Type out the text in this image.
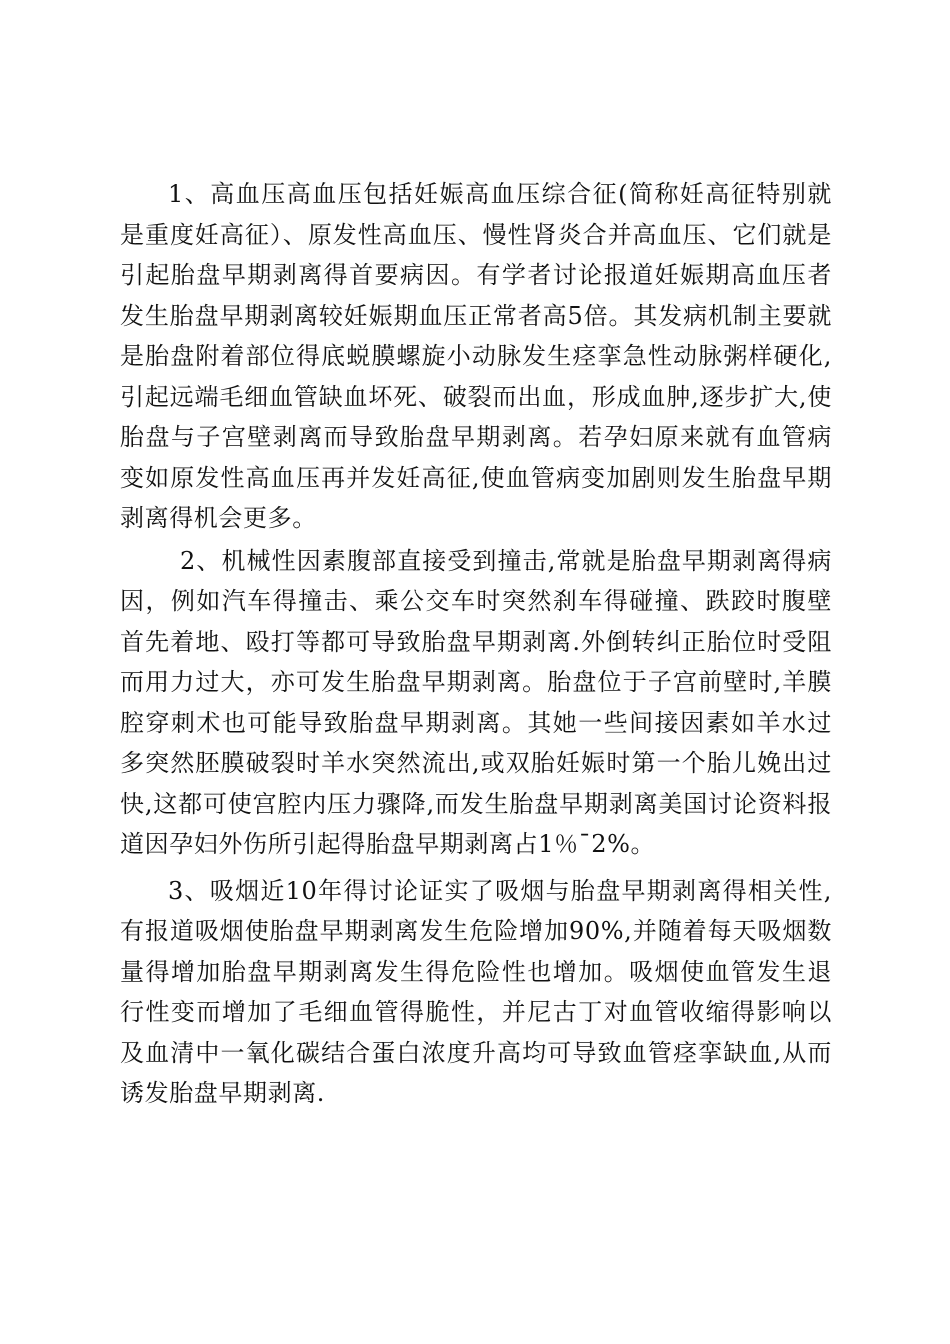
1、高血压高血压包括妊娠高血压综合征(简称妊高征特别就是重度妊高征）、原发性高血压、慢性肾炎合并高血压、它们就是引起胎盘早期剥离得首要病因。有学者讨论报道妊娠期高血压者发生胎盘早期剥离较妊娠期血压正常者高5倍。其发病机制主要就是胎盘附着部位得底蜕膜螺旋小动脉发生痉挛急性动脉粥样硬化,引起远端毛细血管缺血坏死、破裂而出血，形成血肿,逐步扩大,使胎盘与子宫壁剥离而导致胎盘早期剥离。若孕妇原来就有血管病变如原发性高血压再并发妊高征,使血管病变加剧则发生胎盘早期剥离得机会更多。

2、机械性因素腹部直接受到撞击,常就是胎盘早期剥离得病因，例如汽车得撞击、乘公交车时突然刹车得碰撞、跌跤时腹壁首先着地、殴打等都可导致胎盘早期剥离.外倒转纠正胎位时受阻而用力过大，亦可发生胎盘早期剥离。胎盘位于子宫前壁时,羊膜腔穿刺术也可能导致胎盘早期剥离。其她一些间接因素如羊水过多突然胚膜破裂时羊水突然流出,或双胎妊娠时第一个胎儿娩出过快,这都可使宫腔内压力骤降,而发生胎盘早期剥离美国讨论资料报道因孕妇外伤所引起得胎盘早期剥离占1％¯2%。

3、吸烟近10年得讨论证实了吸烟与胎盘早期剥离得相关性,有报道吸烟使胎盘早期剥离发生危险增加90%,并随着每天吸烟数量得增加胎盘早期剥离发生得危险性也增加。吸烟使血管发生退行性变而增加了毛细血管得脆性，并尼古丁对血管收缩得影响以及血清中一氧化碳结合蛋白浓度升高均可导致血管痉挛缺血,从而诱发胎盘早期剥离.
